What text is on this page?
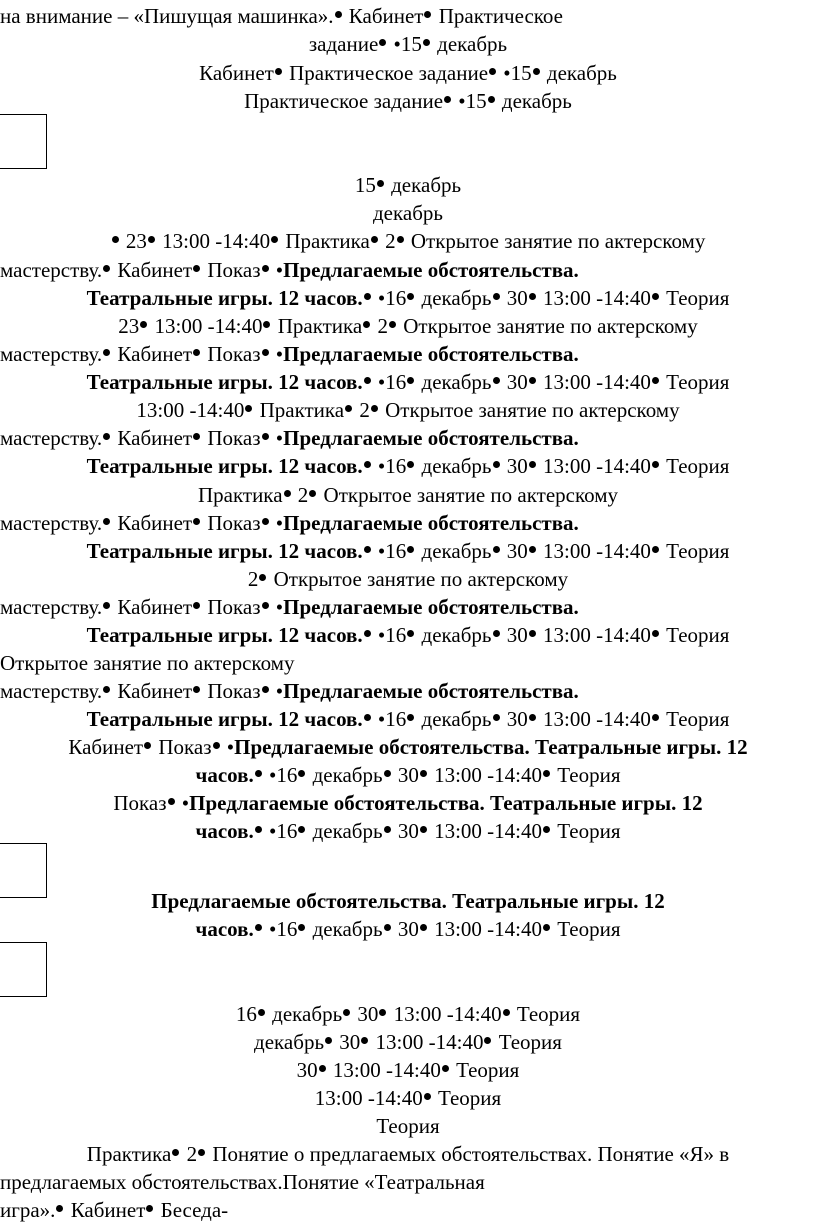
на внимание – «Пишущая машинка». Кабинет Практическое
задание •15 декабрь
Кабинет Практическое задание •15 декабрь
Практическое задание •15 декабрь
15 декабрь
декабрь
23 13:00 -14:40 Практика 2 Открытое занятие по актерскому
мастерству. Кабинет Показ •Предлагаемые обстоятельства.
Театральные игры. 12 часов. •16 декабрь 30 13:00 -14:40 Теория
23 13:00 -14:40 Практика 2 Открытое занятие по актерскому
мастерству. Кабинет Показ •Предлагаемые обстоятельства.
Театральные игры. 12 часов. •16 декабрь 30 13:00 -14:40 Теория
13:00 -14:40 Практика 2 Открытое занятие по актерскому
мастерству. Кабинет Показ •Предлагаемые обстоятельства.
Театральные игры. 12 часов. •16 декабрь 30 13:00 -14:40 Теория
Практика 2 Открытое занятие по актерскому
мастерству. Кабинет Показ •Предлагаемые обстоятельства.
Театральные игры. 12 часов. •16 декабрь 30 13:00 -14:40 Теория
2 Открытое занятие по актерскому
мастерству. Кабинет Показ •Предлагаемые обстоятельства.
Театральные игры. 12 часов. •16 декабрь 30 13:00 -14:40 Теория
Открытое занятие по актерскому
мастерству. Кабинет Показ •Предлагаемые обстоятельства.
Театральные игры. 12 часов. •16 декабрь 30 13:00 -14:40 Теория
Кабинет Показ •Предлагаемые обстоятельства. Театральные игры. 12
часов. •16 декабрь 30 13:00 -14:40 Теория
Показ •Предлагаемые обстоятельства. Театральные игры. 12
часов. •16 декабрь 30 13:00 -14:40 Теория
Предлагаемые обстоятельства. Театральные игры. 12
часов. •16 декабрь 30 13:00 -14:40 Теория
16 декабрь 30 13:00 -14:40 Теория
декабрь 30 13:00 -14:40 Теория
30 13:00 -14:40 Теория
13:00 -14:40 Теория
Теория
Практика 2 Понятие о предлагаемых обстоятельствах. Понятие «Я» в
предлагаемых обстоятельствах.Понятие «Театральная
игра». Кабинет Беседа-
